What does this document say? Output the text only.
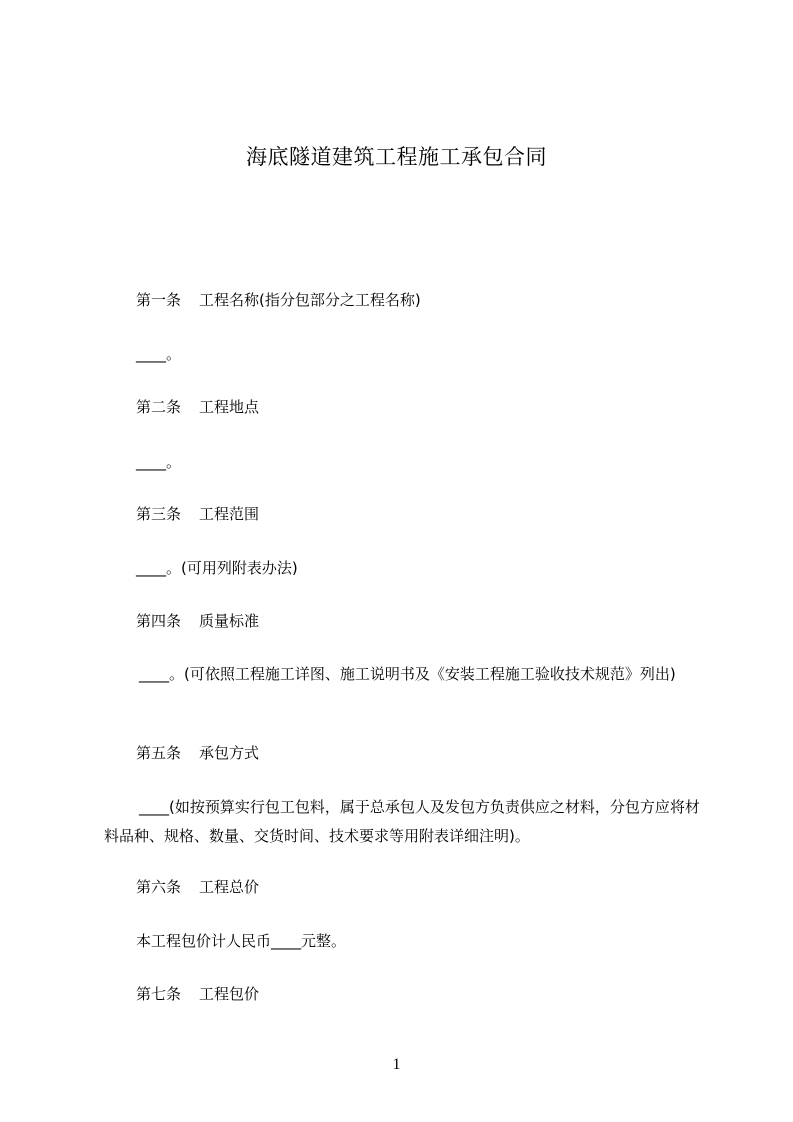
海底隧道建筑工程施工承包合同

第一条 工程名称(指分包部分之工程名称)

____。

第二条 工程地点

____。

第三条 工程范围

____。(可用列附表办法)

第四条 质量标准

____。(可依照工程施工详图、施工说明书及《安装工程施工验收技术规范》列出)

第五条 承包方式

____(如按预算实行包工包料，属于总承包人及发包方负责供应之材料，分包方应将材料品种、规格、数量、交货时间、技术要求等用附表详细注明)。

第六条 工程总价

本工程包价计人民币____元整。

第七条 工程包价

1
